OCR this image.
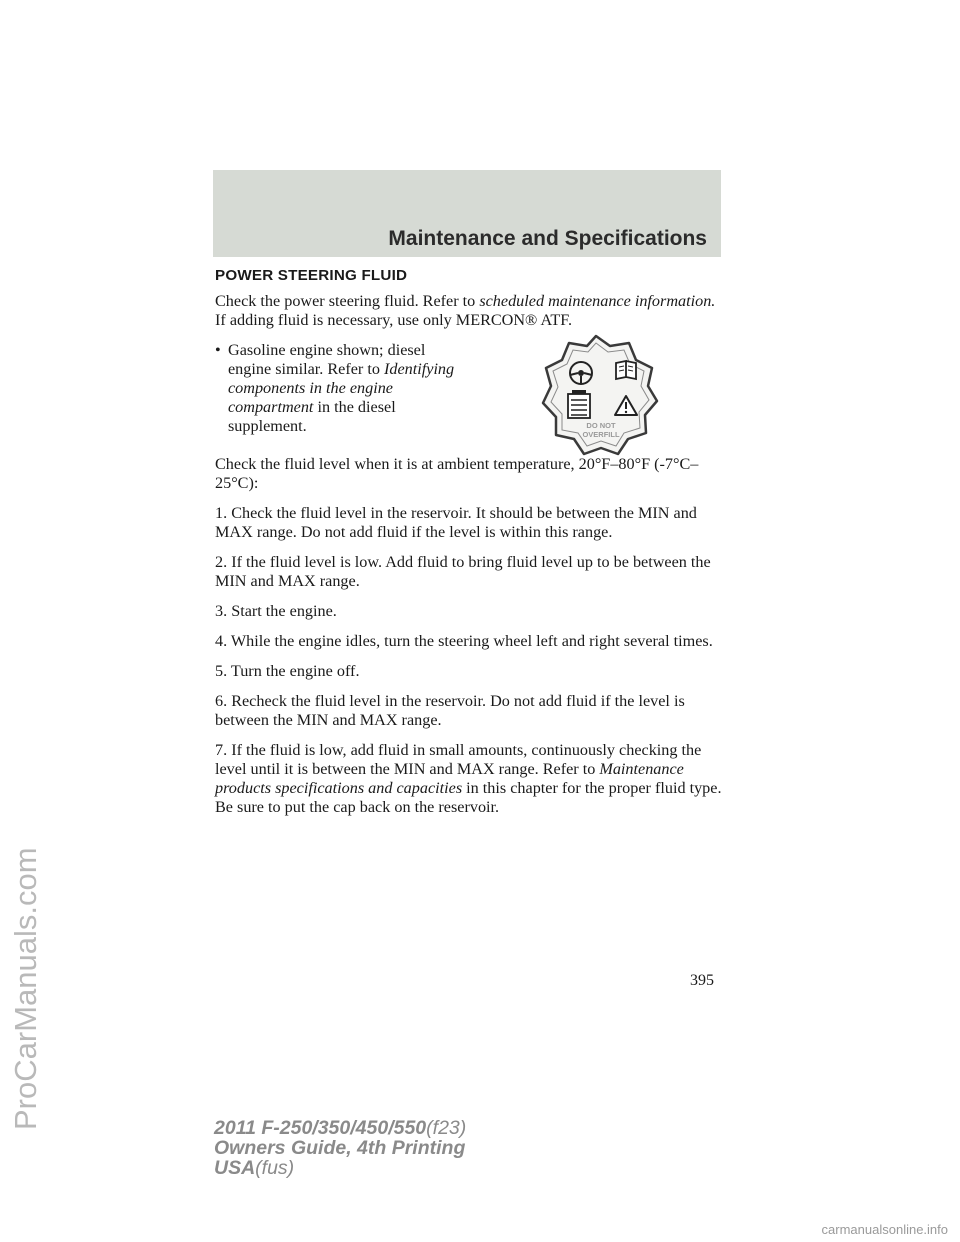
Maintenance and Specifications
ProCarManuals.com
POWER STEERING FLUID

Check the power steering fluid. Refer to scheduled maintenance information. If adding fluid is necessary, use only MERCON® ATF.

• Gasoline engine shown; diesel engine similar. Refer to Identifying components in the engine compartment in the diesel supplement.	DO NOT
OVERFILL

Check the fluid level when it is at ambient temperature, 20°F–80°F (-7°C–25°C):

1. Check the fluid level in the reservoir. It should be between the MIN and MAX range. Do not add fluid if the level is within this range.

2. If the fluid level is low. Add fluid to bring fluid level up to be between the MIN and MAX range.

3. Start the engine.

4. While the engine idles, turn the steering wheel left and right several times.

5. Turn the engine off.

6. Recheck the fluid level in the reservoir. Do not add fluid if the level is between the MIN and MAX range.

7. If the fluid is low, add fluid in small amounts, continuously checking the level until it is between the MIN and MAX range. Refer to Maintenance products specifications and capacities in this chapter for the proper fluid type. Be sure to put the cap back on the reservoir.

395
2011 F-250/350/450/550(f23)
Owners Guide, 4th Printing
USA(fus)
carmanualsonline.info
